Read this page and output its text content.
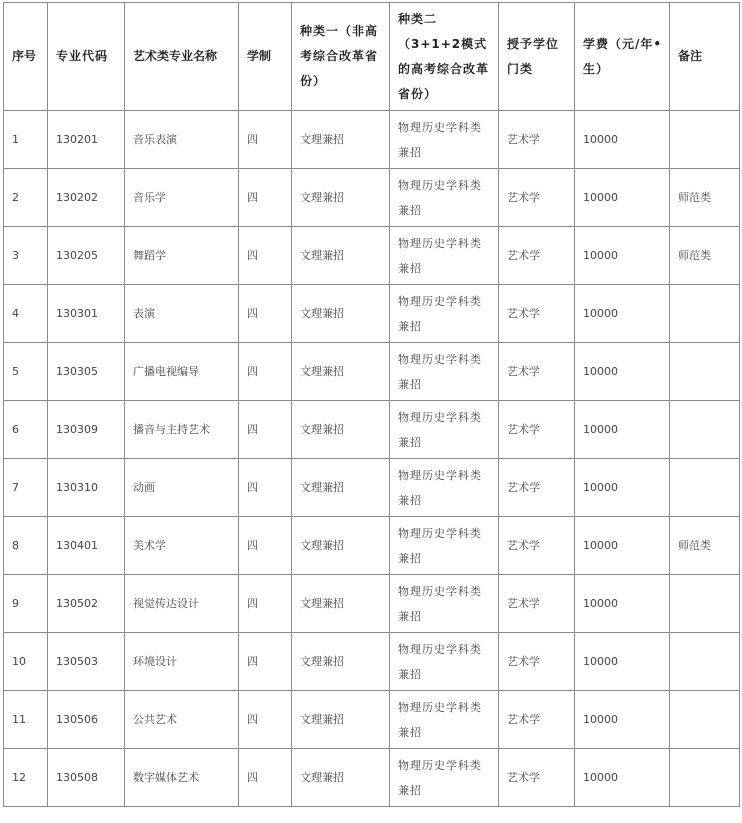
序号	专业代码	艺术类专业名称	学制	种类一（非高考综合改革省份）	种类二（3+1+2模式的高考综合改革省份）	授予学位门类	学费（元/年•生）	备注
1	130201	音乐表演	四	文理兼招	物理历史学科类兼招	艺术学	10000	
2	130202	音乐学	四	文理兼招	物理历史学科类兼招	艺术学	10000	师范类
3	130205	舞蹈学	四	文理兼招	物理历史学科类兼招	艺术学	10000	师范类
4	130301	表演	四	文理兼招	物理历史学科类兼招	艺术学	10000	
5	130305	广播电视编导	四	文理兼招	物理历史学科类兼招	艺术学	10000	
6	130309	播音与主持艺术	四	文理兼招	物理历史学科类兼招	艺术学	10000	
7	130310	动画	四	文理兼招	物理历史学科类兼招	艺术学	10000	
8	130401	美术学	四	文理兼招	物理历史学科类兼招	艺术学	10000	师范类
9	130502	视觉传达设计	四	文理兼招	物理历史学科类兼招	艺术学	10000	
10	130503	环境设计	四	文理兼招	物理历史学科类兼招	艺术学	10000	
11	130506	公共艺术	四	文理兼招	物理历史学科类兼招	艺术学	10000	
12	130508	数字媒体艺术	四	文理兼招	物理历史学科类兼招	艺术学	10000	
